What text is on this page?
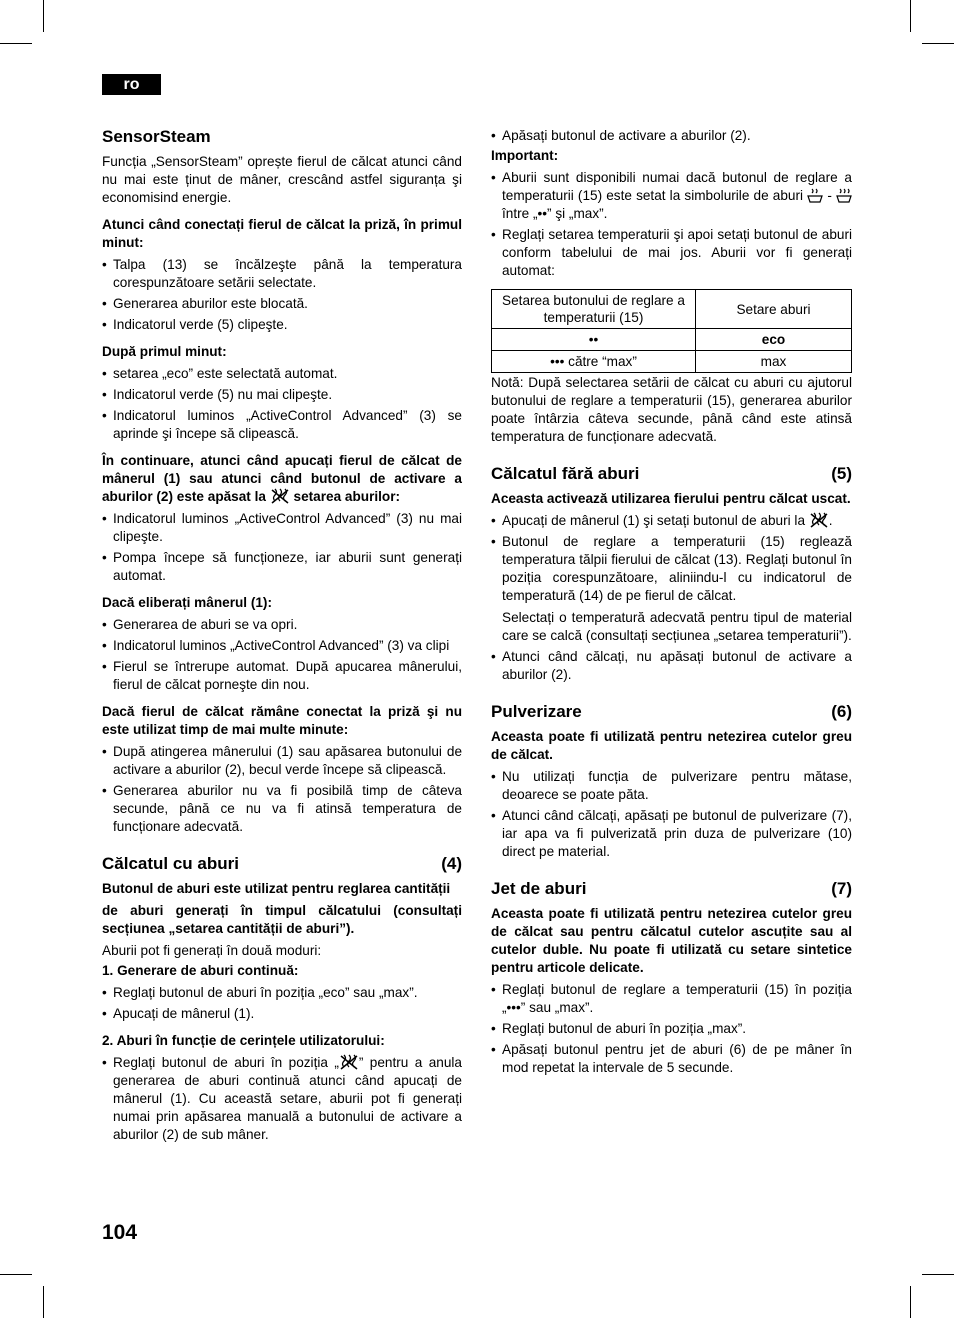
ro
SensorSteam

Funcția „SensorSteam” oprește fierul de călcat atunci când nu mai este ținut de mâner, crescând astfel siguranța şi economisind energie.

Atunci când conectați fierul de călcat la priză, în primul minut:

• Talpa (13) se încălzeşte până la temperatura corespunzătoare setării selectate.
• Generarea aburilor este blocată.
• Indicatorul verde (5) clipeşte.

După primul minut:

• setarea „eco” este selectată automat.
• Indicatorul verde (5) nu mai clipeşte.
• Indicatorul luminos „ActiveControl Advanced” (3) se aprinde şi începe să clipească.

În continuare, atunci când apucați fierul de călcat de mânerul (1) sau atunci când butonul de activare a aburilor (2) este apăsat la setarea aburilor:

• Indicatorul luminos „ActiveControl Advanced” (3) nu mai clipeşte.
• Pompa începe să funcționeze, iar aburii sunt generați automat.

Dacă eliberați mânerul (1):

• Generarea de aburi se va opri.
• Indicatorul luminos „ActiveControl Advanced” (3) va clipi
• Fierul se întrerupe automat. După apucarea mânerului, fierul de călcat porneşte din nou.

Dacă fierul de călcat rămâne conectat la priză şi nu este utilizat timp de mai multe minute:

• După atingerea mânerului (1) sau apăsarea butonului de activare a aburilor (2), becul verde începe să clipească.
• Generarea aburilor nu va fi posibilă timp de câteva secunde, până ce nu va fi atinsă temperatura de funcționare adecvată.
Călcatul cu aburi	(4)

Butonul de aburi este utilizat pentru reglarea cantității

de aburi generați în timpul călcatului (consultați secțiunea „setarea cantității de aburi”).

Aburii pot fi generați în două moduri:

1. Generare de aburi continuă:

• Reglați butonul de aburi în poziția „eco” sau „max”.
• Apucați de mânerul (1).

2. Aburi în funcție de cerințele utilizatorului:

• Reglați butonul de aburi în poziția „ ” pentru a anula generarea de aburi continuă atunci când apucați de mânerul (1). Cu această setare, aburii pot fi generați numai prin apăsarea manuală a butonului de activare a aburilor (2) de sub mâner.
• Apăsați butonul de activare a aburilor (2).

Important:

• Aburii sunt disponibili numai dacă butonul de reglare a temperaturii (15) este setat la simbolurile de aburi -  între „••” şi „max”.
• Reglați setarea temperaturii şi apoi setați butonul de aburi conform tabelului de mai jos. Aburii vor fi generați automat:
Setarea butonului de reglare a temperaturii (15)	Setare aburi
••	eco
••• către “max”	max

Notă: După selectarea setării de călcat cu aburi cu ajutorul butonului de reglare a temperaturii (15), generarea aburilor poate întârzia câteva secunde, până când este atinsă temperatura de funcționare adecvată.

Călcatul fără aburi	(5)

Aceasta activează utilizarea fierului pentru călcat uscat.

• Apucați de mânerul (1) şi setați butonul de aburi la .
• Butonul de reglare a temperaturii (15) reglează temperatura tălpii fierului de călcat (13). Reglați butonul în poziția corespunzătoare, aliniindu-l cu indicatorul de temperatură (14) de pe fierul de călcat.
Selectați o temperatură adecvată pentru tipul de material care se calcă (consultați secțiunea „setarea temperaturii”).
• Atunci când călcați, nu apăsați butonul de activare a aburilor (2).
Pulverizare	(6)

Aceasta poate fi utilizată pentru netezirea cutelor greu de călcat.

• Nu utilizați funcția de pulverizare pentru mătase, deoarece se poate păta.
• Atunci când călcați, apăsați pe butonul de pulverizare (7), iar apa va fi pulverizată prin duza de pulverizare (10) direct pe material.
Jet de aburi	(7)

Aceasta poate fi utilizată pentru netezirea cutelor greu de călcat sau pentru călcatul cutelor ascuțite sau al cutelor duble. Nu poate fi utilizată cu setare sintetice pentru articole delicate.

• Reglați butonul de reglare a temperaturii (15) în poziția „•••” sau „max”.
• Reglați butonul de aburi în poziția „max”.
• Apăsați butonul pentru jet de aburi (6) de pe mâner în mod repetat la intervale de 5 secunde.
104
